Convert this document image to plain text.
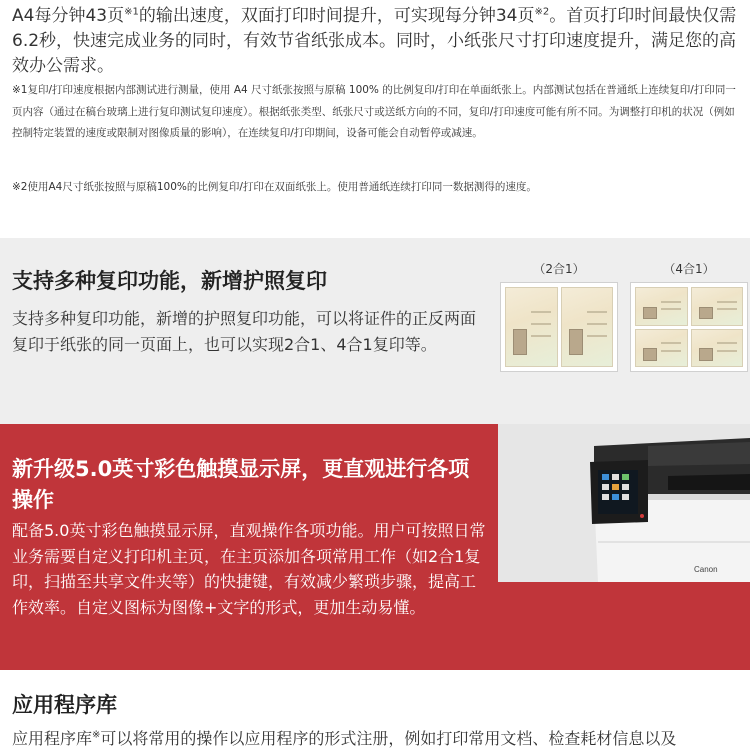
A4每分钟43页$^{※1}$的输出速度，双面打印时间提升，可实现每分钟34页$^{※2}$。首页打印时间最快仅需6.2秒，快速完成业务的同时，有效节省纸张成本。同时，小纸张尺寸打印速度提升，满足您的高效办公需求。

※1复印/打印速度根据内部测试进行测量，使用 A4 尺寸纸张按照与原稿 100% 的比例复印/打印在单面纸张上。内部测试包括在普通纸上连续复印/打印同一页内容（通过在稿台玻璃上进行复印测试复印速度）。根据纸张类型、纸张尺寸或送纸方向的不同，复印/打印速度可能有所不同。为调整打印机的状况（例如控制特定装置的速度或限制对图像质量的影响），在连续复印/打印期间，设备可能会自动暂停或减速。

※2使用A4尺寸纸张按照与原稿100%的比例复印/打印在双面纸张上。使用普通纸连续打印同一数据测得的速度。

支持多种复印功能，新增护照复印

支持多种复印功能，新增的护照复印功能，可以将证件的正反两面复印于纸张的同一页面上，也可以实现2合1、4合1复印等。

（2合1）	（4合1）
新升级5.0英寸彩色触摸显示屏，更直观进行各项操作

配备5.0英寸彩色触摸显示屏，直观操作各项功能。用户可按照日常业务需要自定义打印机主页，在主页添加各项常用工作（如2合1复印，扫描至共享文件夹等）的快捷键，有效减少繁琐步骤，提高工作效率。自定义图标为图像+文字的形式，更加生动易懂。

Canon
应用程序库

应用程序库※可以将常用的操作以应用程序的形式注册，例如打印常用文档、检查耗材信息以及
